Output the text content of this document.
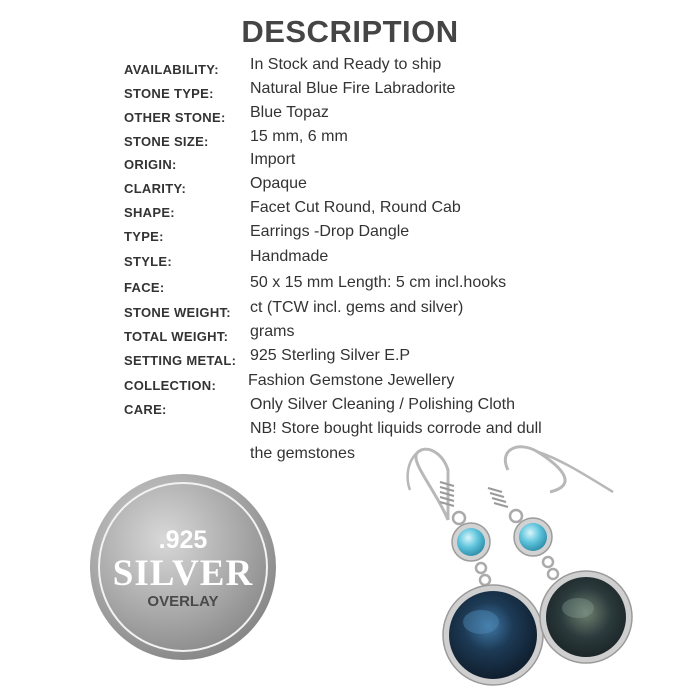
DESCRIPTION
AVAILABILITY: In Stock and Ready to ship
STONE TYPE: Natural Blue Fire Labradorite
OTHER STONE: Blue Topaz
STONE SIZE:	15 mm, 6 mm
ORIGIN:	Import
CLARITY:	Opaque
SHAPE:	Facet Cut Round, Round Cab
TYPE:	Earrings -Drop Dangle
STYLE:	Handmade
FACE:	50 x 15 mm Length: 5 cm incl.hooks
STONE WEIGHT: ct (TCW incl. gems and silver)
TOTAL WEIGHT: grams
SETTING METAL: 925 Sterling Silver E.P
COLLECTION: Fashion Gemstone Jewellery
CARE:	Only Silver Cleaning / Polishing Cloth
NB! Store bought liquids corrode and dull
the gemstones
.925
SILVER
OVERLAY
